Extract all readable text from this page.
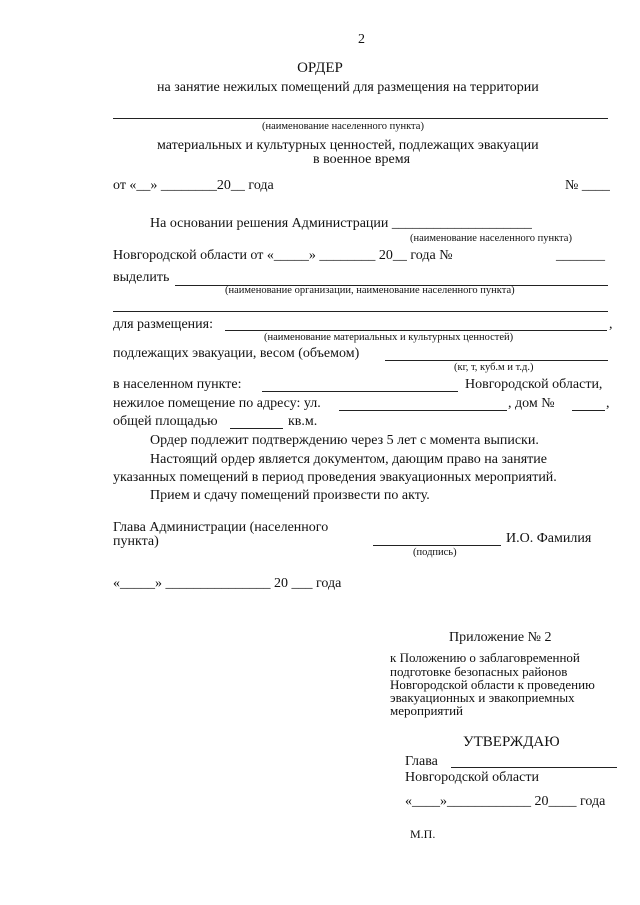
2
ОРДЕР
на занятие нежилых помещений для размещения на территории
(наименование населенного пункта)
материальных и культурных ценностей, подлежащих эвакуации
в военное время
от «__» ________20__ года	№ ____
На основании решения Администрации ____________________
(наименование населенного пункта)
Новгородской области от «_____» ________ 20__ года №	_______
выделить
(наименование организации, наименование населенного пункта)
для размещения:	,
(наименование материальных и культурных ценностей)
подлежащих эвакуации, весом (объемом)
(кг, т, куб.м и т.д.)
в населенном пункте:	Новгородской области,
нежилое помещение по адресу: ул.	, дом №	,
общей площадью	кв.м.
Ордер подлежит подтверждению через 5 лет с момента выписки.
Настоящий ордер является документом, дающим право на занятие
указанных помещений в период проведения эвакуационных мероприятий.
Прием и сдачу помещений произвести по акту.
Глава Администрации (населенного
пункта)	И.О. Фамилия
(подпись)
«_____» _______________ 20 ___ года
Приложение № 2
к Положению о заблаговременной
подготовке безопасных районов
Новгородской области к проведению
эвакуационных и эвакоприемных
мероприятий
УТВЕРЖДАЮ
Глава
Новгородской области
«____»____________ 20____ года
М.П.
